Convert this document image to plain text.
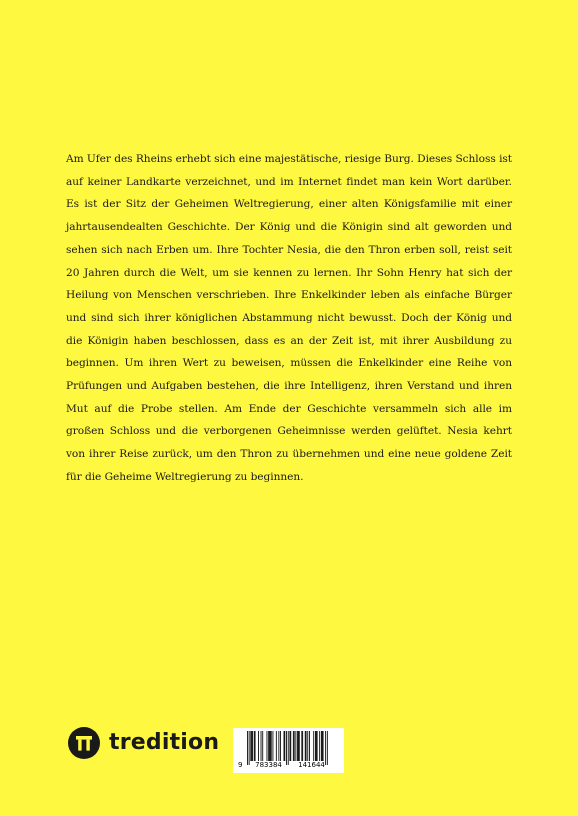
Am Ufer des Rheins erhebt sich eine majestätische, riesige Burg. Dieses Schloss ist auf keiner Landkarte verzeichnet, und im Internet findet man kein Wort darüber. Es ist der Sitz der Geheimen Weltregierung, einer alten Königsfamilie mit einer jahrtausendealten Geschichte. Der König und die Königin sind alt geworden und sehen sich nach Erben um. Ihre Tochter Nesia, die den Thron erben soll, reist seit 20 Jahren durch die Welt, um sie kennen zu lernen. Ihr Sohn Henry hat sich der Heilung von Menschen verschrieben. Ihre Enkelkinder leben als einfache Bürger und sind sich ihrer königlichen Abstammung nicht bewusst. Doch der König und die Königin haben beschlossen, dass es an der Zeit ist, mit ihrer Ausbildung zu beginnen. Um ihren Wert zu beweisen, müssen die Enkelkinder eine Reihe von Prüfungen und Aufgaben bestehen, die ihre Intelligenz, ihren Verstand und ihren Mut auf die Probe stellen. Am Ende der Geschichte versammeln sich alle im großen Schloss und die verborgenen Geheimnisse werden gelüftet. Nesia kehrt von ihrer Reise zurück, um den Thron zu übernehmen und eine neue goldene Zeit für die Geheime Weltregierung zu beginnen.

tredition
9	783384	141644
